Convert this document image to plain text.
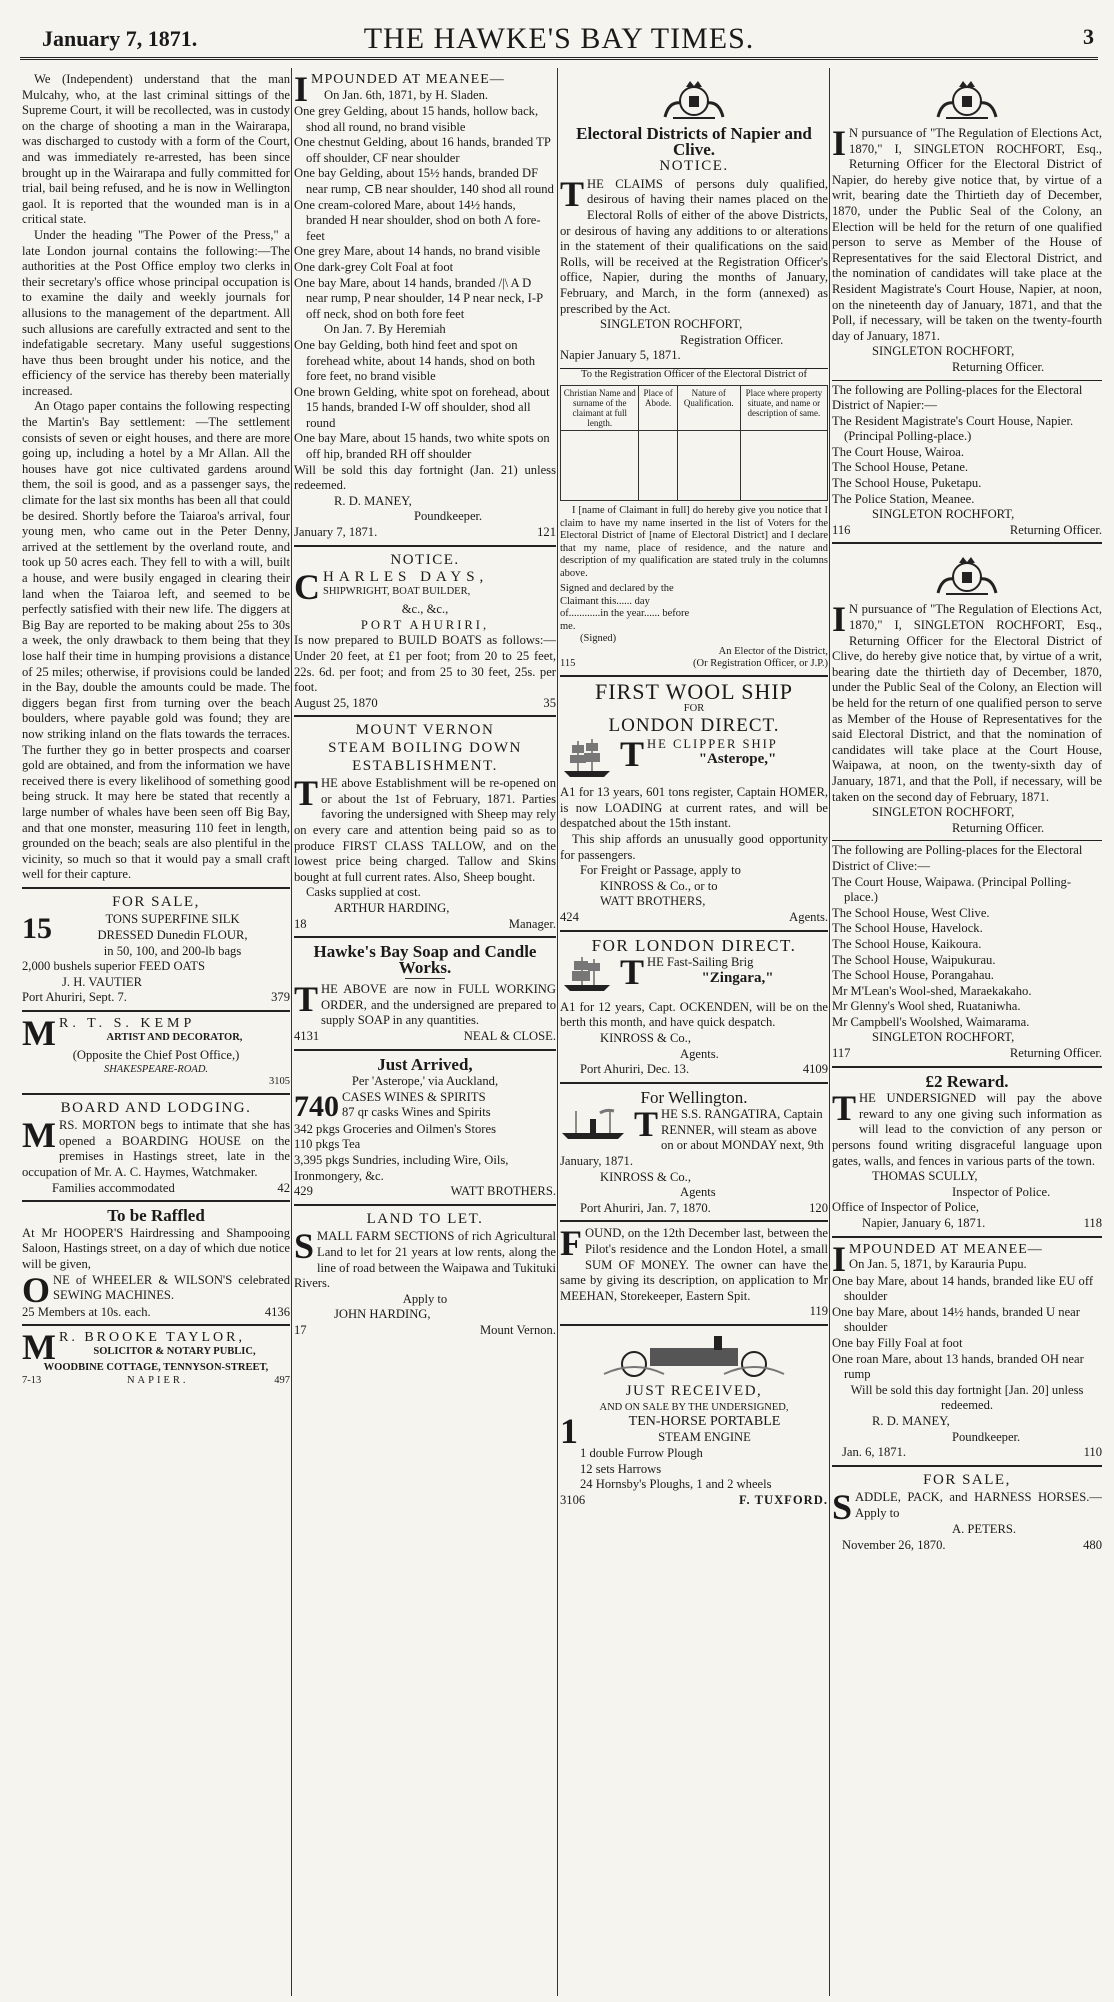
January 7, 1871.	THE HAWKE'S BAY TIMES.	3

We (Independent) understand that the man Mulcahy, who, at the last criminal sittings of the Supreme Court, it will be recollected, was in custody on the charge of shooting a man in the Wairarapa, was discharged to custody with a form of the Court, and was immediately re-arrested, has been since brought up in the Wairarapa and fully committed for trial, bail being refused, and he is now in Wellington gaol. It is reported that the wounded man is in a critical state.

Under the heading "The Power of the Press," a late London journal contains the following:—The authorities at the Post Office employ two clerks in their secretary's office whose principal occupation is to examine the daily and weekly journals for allusions to the management of the department. All such allusions are carefully extracted and sent to the indefatigable secretary. Many useful suggestions have thus been brought under his notice, and the efficiency of the service has thereby been materially increased.

An Otago paper contains the following respecting the Martin's Bay settlement: —The settlement consists of seven or eight houses, and there are more going up, including a hotel by a Mr Allan. All the houses have got nice cultivated gardens around them, the soil is good, and as a passenger says, the climate for the last six months has been all that could be desired. Shortly before the Taiaroa's arrival, four young men, who came out in the Peter Denny, arrived at the settlement by the overland route, and took up 50 acres each. They fell to with a will, built a house, and were busily engaged in clearing their land when the Taiaroa left, and seemed to be perfectly satisfied with their new life. The diggers at Big Bay are reported to be making about 25s to 30s a week, the only drawback to them being that they lose half their time in humping provisions a distance of 25 miles; otherwise, if provisions could be landed in the Bay, double the amounts could be made. The diggers began first from turning over the beach boulders, where payable gold was found; they are now striking inland on the flats towards the terraces. The further they go in better prospects and coarser gold are obtained, and from the information we have received there is every likelihood of something good being struck. It may here be stated that recently a large number of whales have been seen off Big Bay, and that one monster, measuring 110 feet in length, grounded on the beach; seals are also plentiful in the vicinity, so much so that it would pay a small craft well for their capture.

FOR SALE,
15	TONS SUPERFINE SILK
DRESSED Dunedin FLOUR,
in 50, 100, and 200-lb bags
2,000 bushels superior FEED OATS
J. H. VAUTIER
Port Ahuriri, Sept. 7.	379
M R. T. S. KEMP
ARTIST AND DECORATOR,
(Opposite the Chief Post Office,)
SHAKESPEARE-ROAD.
3105
BOARD AND LODGING.

MRS. MORTON begs to intimate that she has opened a BOARDING HOUSE on the premises in Hastings street, late in the occupation of Mr. A. C. Haymes, Watchmaker.

Families accommodated	42
To be Raffled

At Mr HOOPER'S Hairdressing and Shampooing Saloon, Hastings street, on a day of which due notice will be given,

ONE of WHEELER & WILSON'S celebrated SEWING MACHINES.

25 Members at 10s. each.	4136
M R. BROOKE TAYLOR,
SOLICITOR & NOTARY PUBLIC,
WOODBINE COTTAGE, TENNYSON-STREET,
7-13	NAPIER.	497
IMPOUNDED AT MEANEE—
On Jan. 6th, 1871, by H. Sladen.
One grey Gelding, about 15 hands, hollow back, shod all round, no brand visible
One chestnut Gelding, about 16 hands, branded TP off shoulder, CF near shoulder
One bay Gelding, about 15½ hands, branded DF near rump, ⊂B near shoulder, 140 shod all round
One cream-colored Mare, about 14½ hands, branded H near shoulder, shod on both Λ fore-feet
One grey Mare, about 14 hands, no brand visible
One dark-grey Colt Foal at foot
One bay Mare, about 14 hands, branded /|\ A D near rump, P near shoulder, 14 P near neck, I-P off neck, shod on both fore feet
On Jan. 7. By Heremiah
One bay Gelding, both hind feet and spot on forehead white, about 14 hands, shod on both fore feet, no brand visible
One brown Gelding, white spot on forehead, about 15 hands, branded I-W off shoulder, shod all round
One bay Mare, about 15 hands, two white spots on off hip, branded RH off shoulder

Will be sold this day fortnight (Jan. 21) unless redeemed.

R. D. MANEY,
Poundkeeper.
January 7, 1871.	121
NOTICE.
CHARLES DAYS,
SHIPWRIGHT, BOAT BUILDER,
&c., &c.,
PORT AHURIRI,

Is now prepared to BUILD BOATS as follows:—Under 20 feet, at £1 per foot; from 20 to 25 feet, 22s. 6d. per foot; and from 25 to 30 feet, 25s. per foot.

August 25, 1870	35
MOUNT VERNON
STEAM BOILING DOWN
ESTABLISHMENT.

THE above Establishment will be re-opened on or about the 1st of February, 1871. Parties favoring the undersigned with Sheep may rely on every care and attention being paid so as to produce FIRST CLASS TALLOW, and on the lowest price being charged. Tallow and Skins bought at full current rates. Also, Sheep bought.

Casks supplied at cost.
ARTHUR HARDING,
18	Manager.
Hawke's Bay Soap and Candle Works.

THE ABOVE are now in FULL WORKING ORDER, and the undersigned are prepared to supply SOAP in any quantities.

4131	NEAL & CLOSE.
Just Arrived,
Per 'Asterope,' via Auckland,
740 CASES WINES & SPIRITS
87 qr casks Wines and Spirits
342 pkgs Groceries and Oilmen's Stores
110 pkgs Tea
3,395 pkgs Sundries, including Wire, Oils, Ironmongery, &c.
429	WATT BROTHERS.
LAND TO LET.

SMALL FARM SECTIONS of rich Agricultural Land to let for 21 years at low rents, along the line of road between the Waipawa and Tukituki Rivers.

Apply to
JOHN HARDING,
17	Mount Vernon.
Electoral Districts of Napier and Clive.
NOTICE.

THE CLAIMS of persons duly qualified, desirous of having their names placed on the Electoral Rolls of either of the above Districts, or desirous of having any additions to or alterations in the statement of their qualifications on the said Rolls, will be received at the Registration Officer's office, Napier, during the months of January, February, and March, in the form (annexed) as prescribed by the Act.

SINGLETON ROCHFORT,
Registration Officer.
Napier January 5, 1871.
To the Registration Officer of the Electoral District of
Christian Name and surname of the claimant at full length.	Place of Abode.	Nature of Qualification.	Place where property situate, and name or description of same.

I [name of Claimant in full] do hereby give you notice that I claim to have my name inserted in the list of Voters for the Electoral District of [name of Electoral District] and I declare that my name, place of residence, and the nature and description of my qualification are stated truly in the columns above.

Signed and declared by the Claimant this...... day of............in the year...... before me.
(Signed)
An Elector of the District,
115	(Or Registration Officer, or J.P.)
FIRST WOOL SHIP
FOR
LONDON DIRECT.
THE CLIPPER SHIP
"Asterope,"

A1 for 13 years, 601 tons register, Captain HOMER, is now LOADING at current rates, and will be despatched about the 15th instant.

This ship affords an unusually good opportunity for passengers.

For Freight or Passage, apply to
KINROSS & Co., or to
WATT BROTHERS,
424	Agents.
FOR LONDON DIRECT.
THE Fast-Sailing Brig
"Zingara,"

A1 for 12 years, Capt. OCKENDEN, will be on the berth this month, and have quick despatch.

KINROSS & Co.,
Agents.
Port Ahuriri, Dec. 13.	4109
For Wellington.
THE S.S. RANGATIRA, Captain RENNER, will steam as above on or about MONDAY next, 9th January, 1871.
KINROSS & Co.,
Agents
Port Ahuriri, Jan. 7, 1870.	120

FOUND, on the 12th December last, between the Pilot's residence and the London Hotel, a small SUM OF MONEY. The owner can have the same by giving its description, on application to Mr MEEHAN, Storekeeper, Eastern Spit.

119
JUST RECEIVED,
AND ON SALE BY THE UNDERSIGNED,
1	TEN-HORSE PORTABLE
STEAM ENGINE
1 double Furrow Plough
12 sets Harrows
24 Hornsby's Ploughs, 1 and 2 wheels
3106	F. TUXFORD.

I N pursuance of "The Regulation of Elections Act, 1870," I, SINGLETON ROCHFORT, Esq., Returning Officer for the Electoral District of Napier, do hereby give notice that, by virtue of a writ, bearing date the Thirtieth day of December, 1870, under the Public Seal of the Colony, an Election will be held for the return of one qualified person to serve as Member of the House of Representatives for the said Electoral District, and the nomination of candidates will take place at the Resident Magistrate's Court House, Napier, at noon, on the nineteenth day of January, 1871, and that the Poll, if necessary, will be taken on the twenty-fourth day of January, 1871.

SINGLETON ROCHFORT,
Returning Officer.
The following are Polling-places for the Electoral District of Napier:—
The Resident Magistrate's Court House, Napier. (Principal Polling-place.)
The Court House, Wairoa.
The School House, Petane.
The School House, Puketapu.
The Police Station, Meanee.
SINGLETON ROCHFORT,
116	Returning Officer.

I N pursuance of "The Regulation of Elections Act, 1870," I, SINGLETON ROCHFORT, Esq., Returning Officer for the Electoral District of Clive, do hereby give notice that, by virtue of a writ, bearing date the thirtieth day of December, 1870, under the Public Seal of the Colony, an Election will be held for the return of one qualified person to serve as Member of the House of Representatives for the said Electoral District, and that the nomination of candidates will take place at the Court House, Waipawa, at noon, on the twenty-sixth day of January, 1871, and that the Poll, if necessary, will be taken on the second day of February, 1871.

SINGLETON ROCHFORT,
Returning Officer.
The following are Polling-places for the Electoral District of Clive:—
The Court House, Waipawa. (Principal Polling-place.)
The School House, West Clive.
The School House, Havelock.
The School House, Kaikoura.
The School House, Waipukurau.
The School House, Porangahau.
Mr M'Lean's Wool-shed, Maraekakaho.
Mr Glenny's Wool shed, Ruataniwha.
Mr Campbell's Woolshed, Waimarama.
SINGLETON ROCHFORT,
117	Returning Officer.
£2 Reward.

THE UNDERSIGNED will pay the above reward to any one giving such information as will lead to the conviction of any person or persons found writing disgraceful language upon gates, walls, and fences in various parts of the town.

THOMAS SCULLY,
Inspector of Police.
Office of Inspector of Police,
Napier, January 6, 1871.	118
IMPOUNDED AT MEANEE—
On Jan. 5, 1871, by Karauria Pupu.
One bay Mare, about 14 hands, branded like EU off shoulder
One bay Mare, about 14½ hands, branded U near shoulder
One bay Filly Foal at foot
One roan Mare, about 13 hands, branded OH near rump

Will be sold this day fortnight [Jan. 20] unless redeemed.

R. D. MANEY,
Poundkeeper.
Jan. 6, 1871.	110
FOR SALE,

SADDLE, PACK, and HARNESS HORSES.—Apply to

A. PETERS.
November 26, 1870.	480
